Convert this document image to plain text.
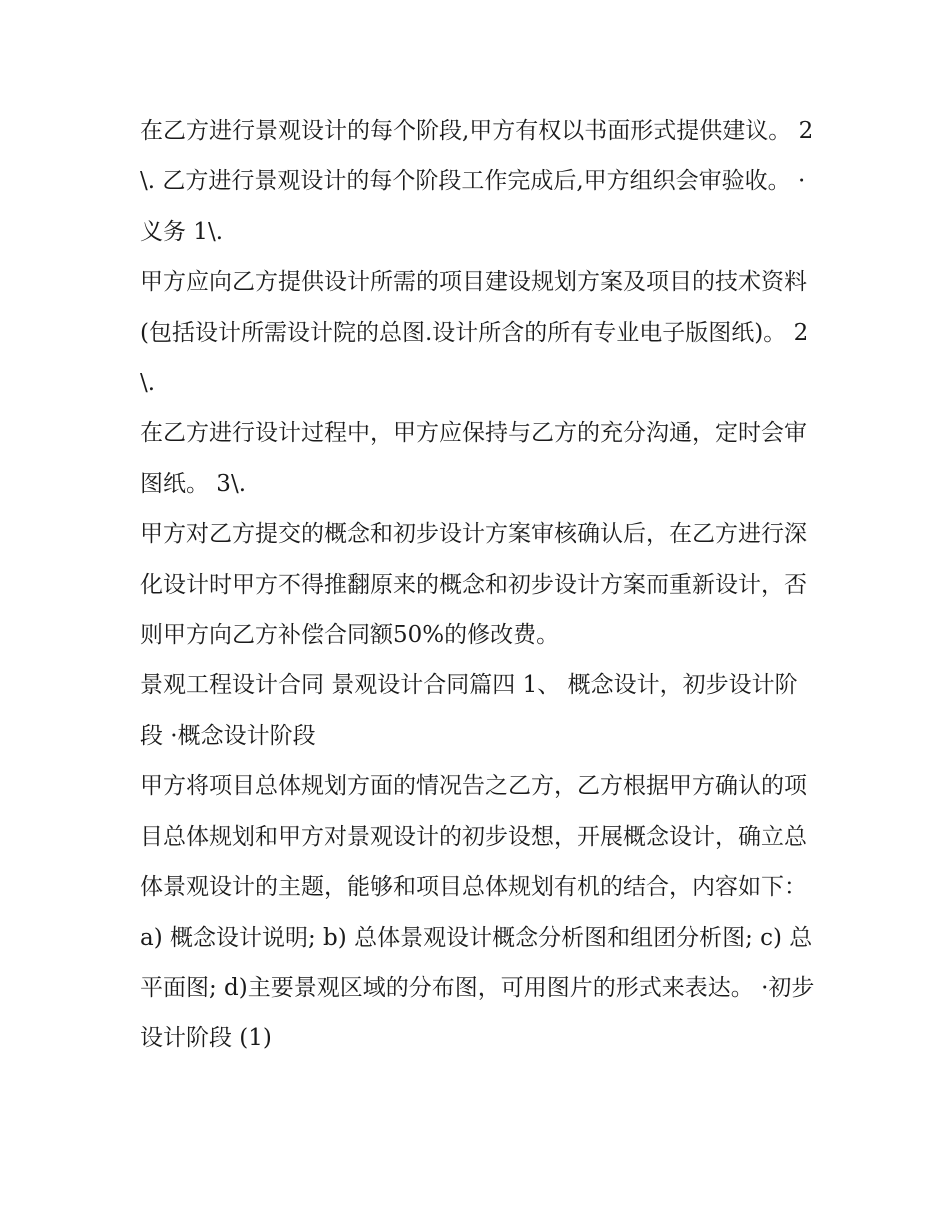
在乙方进行景观设计的每个阶段,甲方有权以书面形式提供建议。 2\. 乙方进行景观设计的每个阶段工作完成后,甲方组织会审验收。 ·义务 1\.

甲方应向乙方提供设计所需的项目建设规划方案及项目的技术资料(包括设计所需设计院的总图.设计所含的所有专业电子版图纸)。 2\.

在乙方进行设计过程中，甲方应保持与乙方的充分沟通，定时会审图纸。 3\.

甲方对乙方提交的概念和初步设计方案审核确认后，在乙方进行深化设计时甲方不得推翻原来的概念和初步设计方案而重新设计，否则甲方向乙方补偿合同额50%的修改费。

景观工程设计合同 景观设计合同篇四 1、 概念设计，初步设计阶段 ·概念设计阶段

甲方将项目总体规划方面的情况告之乙方，乙方根据甲方确认的项目总体规划和甲方对景观设计的初步设想，开展概念设计，确立总体景观设计的主题，能够和项目总体规划有机的结合，内容如下：

a) 概念设计说明; b) 总体景观设计概念分析图和组团分析图; c) 总平面图; d)主要景观区域的分布图，可用图片的形式来表达。 ·初步设计阶段 (1)
